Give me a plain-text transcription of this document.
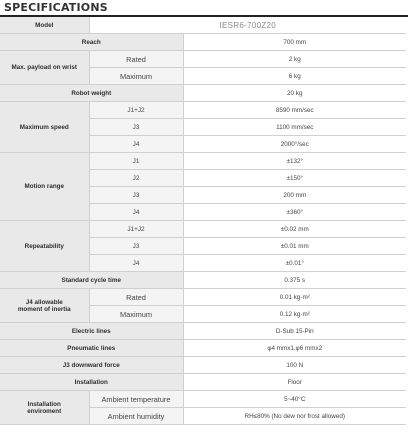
SPECIFICATIONS
Model	IESR6-700Z20	
Reach		700 mm
Max. payload on wrist	Rated	2 kg
	Maximum	6 kg
Robot weight		20 kg
Maximum speed	J1+J2	8590 mm/sec
	J3	1100 mm/sec
	J4	2000°/sec
Motion range	J1	±132°
	J2	±150°
	J3	200 mm
	J4	±360°
Repeatability	J1+J2	±0.02 mm
	J3	±0.01 mm
	J4	±0.01°
Standard cycle time		0.375 s
J4 allowable
moment of inertia	Rated	0.01 kg·m²
	Maximum	0.12 kg·m²
Electric lines		D-Sub 15-Pin
Pneumatic lines		φ4 mmx1,φ6 mmx2
J3 downward force		100 N
Installation		Floor
Installation
enviroment	Ambient temperature	5~40°C
	Ambient humidity	RH≤80% (No dew nor frost allowed)
